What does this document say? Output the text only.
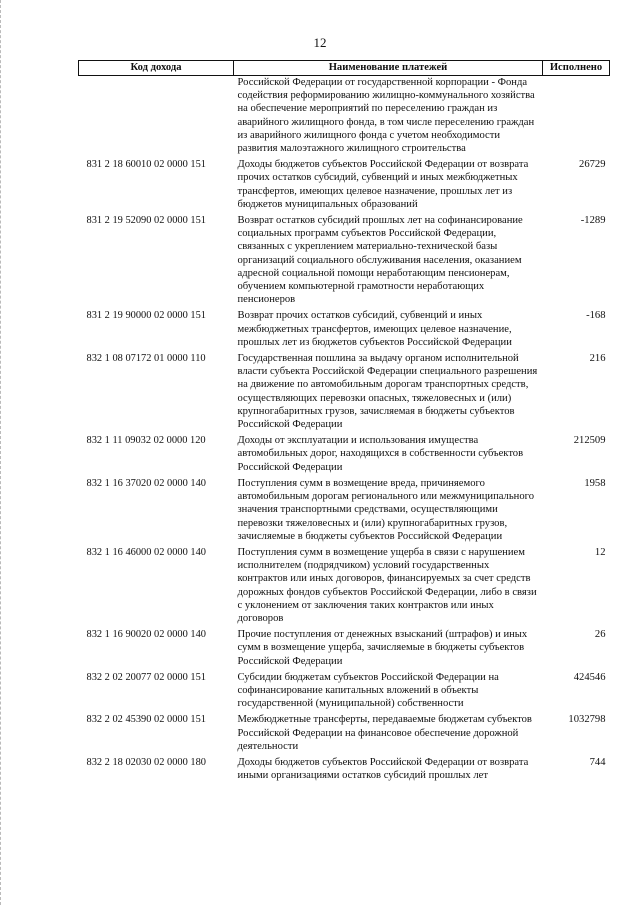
12
Код дохода	Наименование платежей	Исполнено
	Российской Федерации от государственной корпорации - Фонда содействия реформированию жилищно-коммунального хозяйства на обеспечение мероприятий по переселению граждан из аварийного жилищного фонда, в том числе переселению граждан из аварийного жилищного фонда с учетом необходимости развития малоэтажного жилищного строительства	
831 2 18 60010 02 0000 151	Доходы бюджетов субъектов Российской Федерации от возврата прочих остатков субсидий, субвенций и иных межбюджетных трансфертов, имеющих целевое назначение, прошлых лет из бюджетов муниципальных образований	26729
831 2 19 52090 02 0000 151	Возврат остатков субсидий прошлых лет на софинансирование социальных программ субъектов Российской Федерации, связанных с укреплением материально-технической базы организаций социального обслуживания населения, оказанием адресной социальной помощи неработающим пенсионерам, обучением компьютерной грамотности неработающих пенсионеров	-1289
831 2 19 90000 02 0000 151	Возврат прочих остатков субсидий, субвенций и иных межбюджетных трансфертов, имеющих целевое назначение, прошлых лет из бюджетов субъектов Российской Федерации	-168
832 1 08 07172 01 0000 110	Государственная пошлина за выдачу органом исполнительной власти субъекта Российской Федерации специального разрешения на движение по автомобильным дорогам транспортных средств, осуществляющих перевозки опасных, тяжеловесных и (или) крупногабаритных грузов, зачисляемая в бюджеты субъектов Российской Федерации	216
832 1 11 09032 02 0000 120	Доходы от эксплуатации и использования имущества автомобильных дорог, находящихся в собственности субъектов Российской Федерации	212509
832 1 16 37020 02 0000 140	Поступления сумм в возмещение вреда, причиняемого автомобильным дорогам регионального или межмуниципального значения транспортными средствами, осуществляющими перевозки тяжеловесных и (или) крупногабаритных грузов, зачисляемые в бюджеты субъектов Российской Федерации	1958
832 1 16 46000 02 0000 140	Поступления сумм в возмещение ущерба в связи с нарушением исполнителем (подрядчиком) условий государственных контрактов или иных договоров, финансируемых за счет средств дорожных фондов субъектов Российской Федерации, либо в связи с уклонением от заключения таких контрактов или иных договоров	12
832 1 16 90020 02 0000 140	Прочие поступления от денежных взысканий (штрафов) и иных сумм в возмещение ущерба, зачисляемые в бюджеты субъектов Российской Федерации	26
832 2 02 20077 02 0000 151	Субсидии бюджетам субъектов Российской Федерации на софинансирование капитальных вложений в объекты государственной (муниципальной) собственности	424546
832 2 02 45390 02 0000 151	Межбюджетные трансферты, передаваемые бюджетам субъектов Российской Федерации на финансовое обеспечение дорожной деятельности	1032798
832 2 18 02030 02 0000 180	Доходы бюджетов субъектов Российской Федерации от возврата иными организациями остатков субсидий прошлых лет	744
